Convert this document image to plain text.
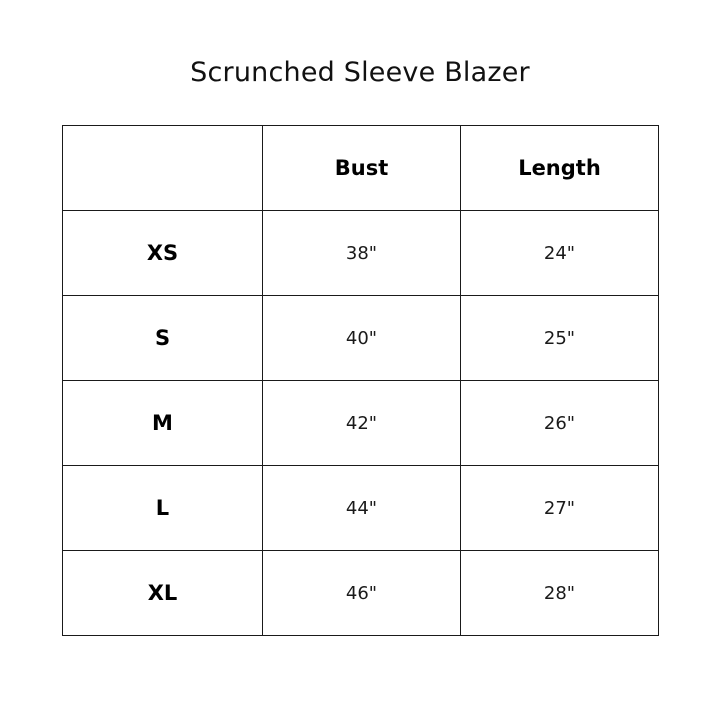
Scrunched Sleeve Blazer
	Bust	Length
XS	38"	24"
S	40"	25"
M	42"	26"
L	44"	27"
XL	46"	28"
